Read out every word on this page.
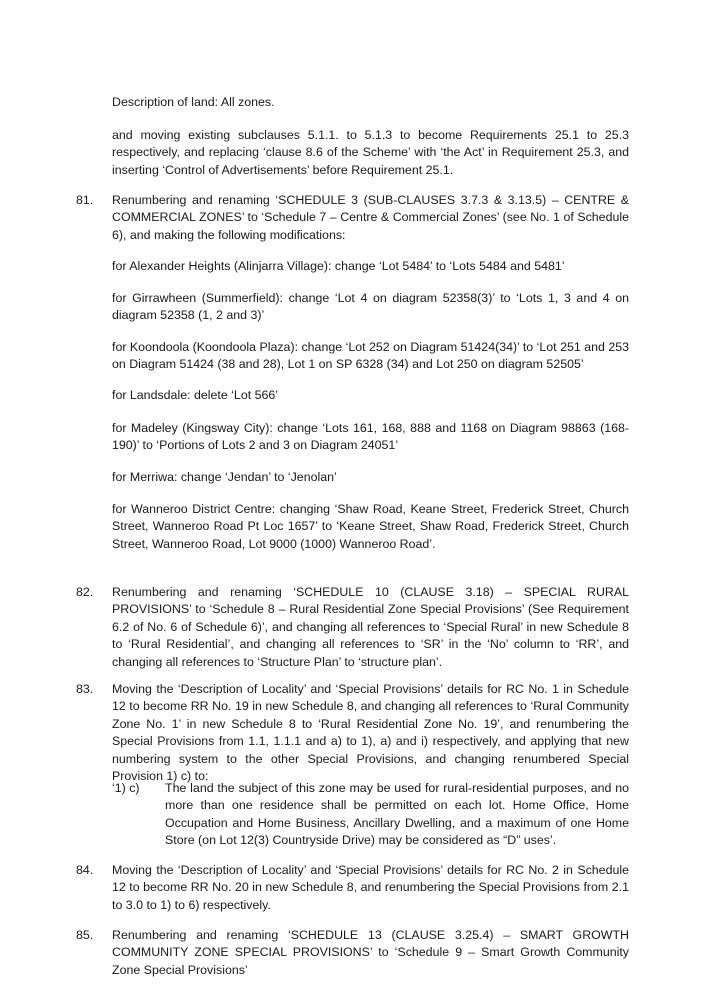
Description of land: All zones.

and moving existing subclauses 5.1.1. to 5.1.3 to become Requirements 25.1 to 25.3 respectively, and replacing ‘clause 8.6 of the Scheme’ with ‘the Act’ in Requirement 25.3, and inserting ‘Control of Advertisements’ before Requirement 25.1.

81.	Renumbering and renaming ‘SCHEDULE 3 (SUB-CLAUSES 3.7.3 & 3.13.5) – CENTRE & COMMERCIAL ZONES’ to ‘Schedule 7 – Centre & Commercial Zones’ (see No. 1 of Schedule 6), and making the following modifications:

for Alexander Heights (Alinjarra Village): change ‘Lot 5484’ to ‘Lots 5484 and 5481’

for Girrawheen (Summerfield): change ‘Lot 4 on diagram 52358(3)’ to ‘Lots 1, 3 and 4 on diagram 52358 (1, 2 and 3)’

for Koondoola (Koondoola Plaza): change ‘Lot 252 on Diagram 51424(34)’ to ‘Lot 251 and 253 on Diagram 51424 (38 and 28), Lot 1 on SP 6328 (34) and Lot 250 on diagram 52505’

for Landsdale: delete ‘Lot 566’

for Madeley (Kingsway City): change ‘Lots 161, 168, 888 and 1168 on Diagram 98863 (168-190)’ to ‘Portions of Lots 2 and 3 on Diagram 24051’

for Merriwa: change ‘Jendan’ to ‘Jenolan’

for Wanneroo District Centre: changing ‘Shaw Road, Keane Street, Frederick Street, Church Street, Wanneroo Road Pt Loc 1657’ to ‘Keane Street, Shaw Road, Frederick Street, Church Street, Wanneroo Road, Lot 9000 (1000) Wanneroo Road’.

82.	Renumbering and renaming ‘SCHEDULE 10 (CLAUSE 3.18) – SPECIAL RURAL PROVISIONS’ to ‘Schedule 8 – Rural Residential Zone Special Provisions’ (See Requirement 6.2 of No. 6 of Schedule 6)’, and changing all references to ‘Special Rural’ in new Schedule 8 to ‘Rural Residential’, and changing all references to ‘SR’ in the ‘No’ column to ‘RR’, and changing all references to ‘Structure Plan’ to ‘structure plan’.
83.	Moving the ‘Description of Locality’ and ‘Special Provisions’ details for RC No. 1 in Schedule 12 to become RR No. 19 in new Schedule 8, and changing all references to ‘Rural Community Zone No. 1’ in new Schedule 8 to ‘Rural Residential Zone No. 19’, and renumbering the Special Provisions from 1.1, 1.1.1 and a) to 1), a) and i) respectively, and applying that new numbering system to the other Special Provisions, and changing renumbered Special Provision 1) c) to:
‘1) c)	The land the subject of this zone may be used for rural-residential purposes, and no more than one residence shall be permitted on each lot. Home Office, Home Occupation and Home Business, Ancillary Dwelling, and a maximum of one Home Store (on Lot 12(3) Countryside Drive) may be considered as “D” uses’.
84.	Moving the ‘Description of Locality’ and ‘Special Provisions’ details for RC No. 2 in Schedule 12 to become RR No. 20 in new Schedule 8, and renumbering the Special Provisions from 2.1 to 3.0 to 1) to 6) respectively.
85.	Renumbering and renaming ‘SCHEDULE 13 (CLAUSE 3.25.4) – SMART GROWTH COMMUNITY ZONE SPECIAL PROVISIONS’ to ‘Schedule 9 – Smart Growth Community Zone Special Provisions’
